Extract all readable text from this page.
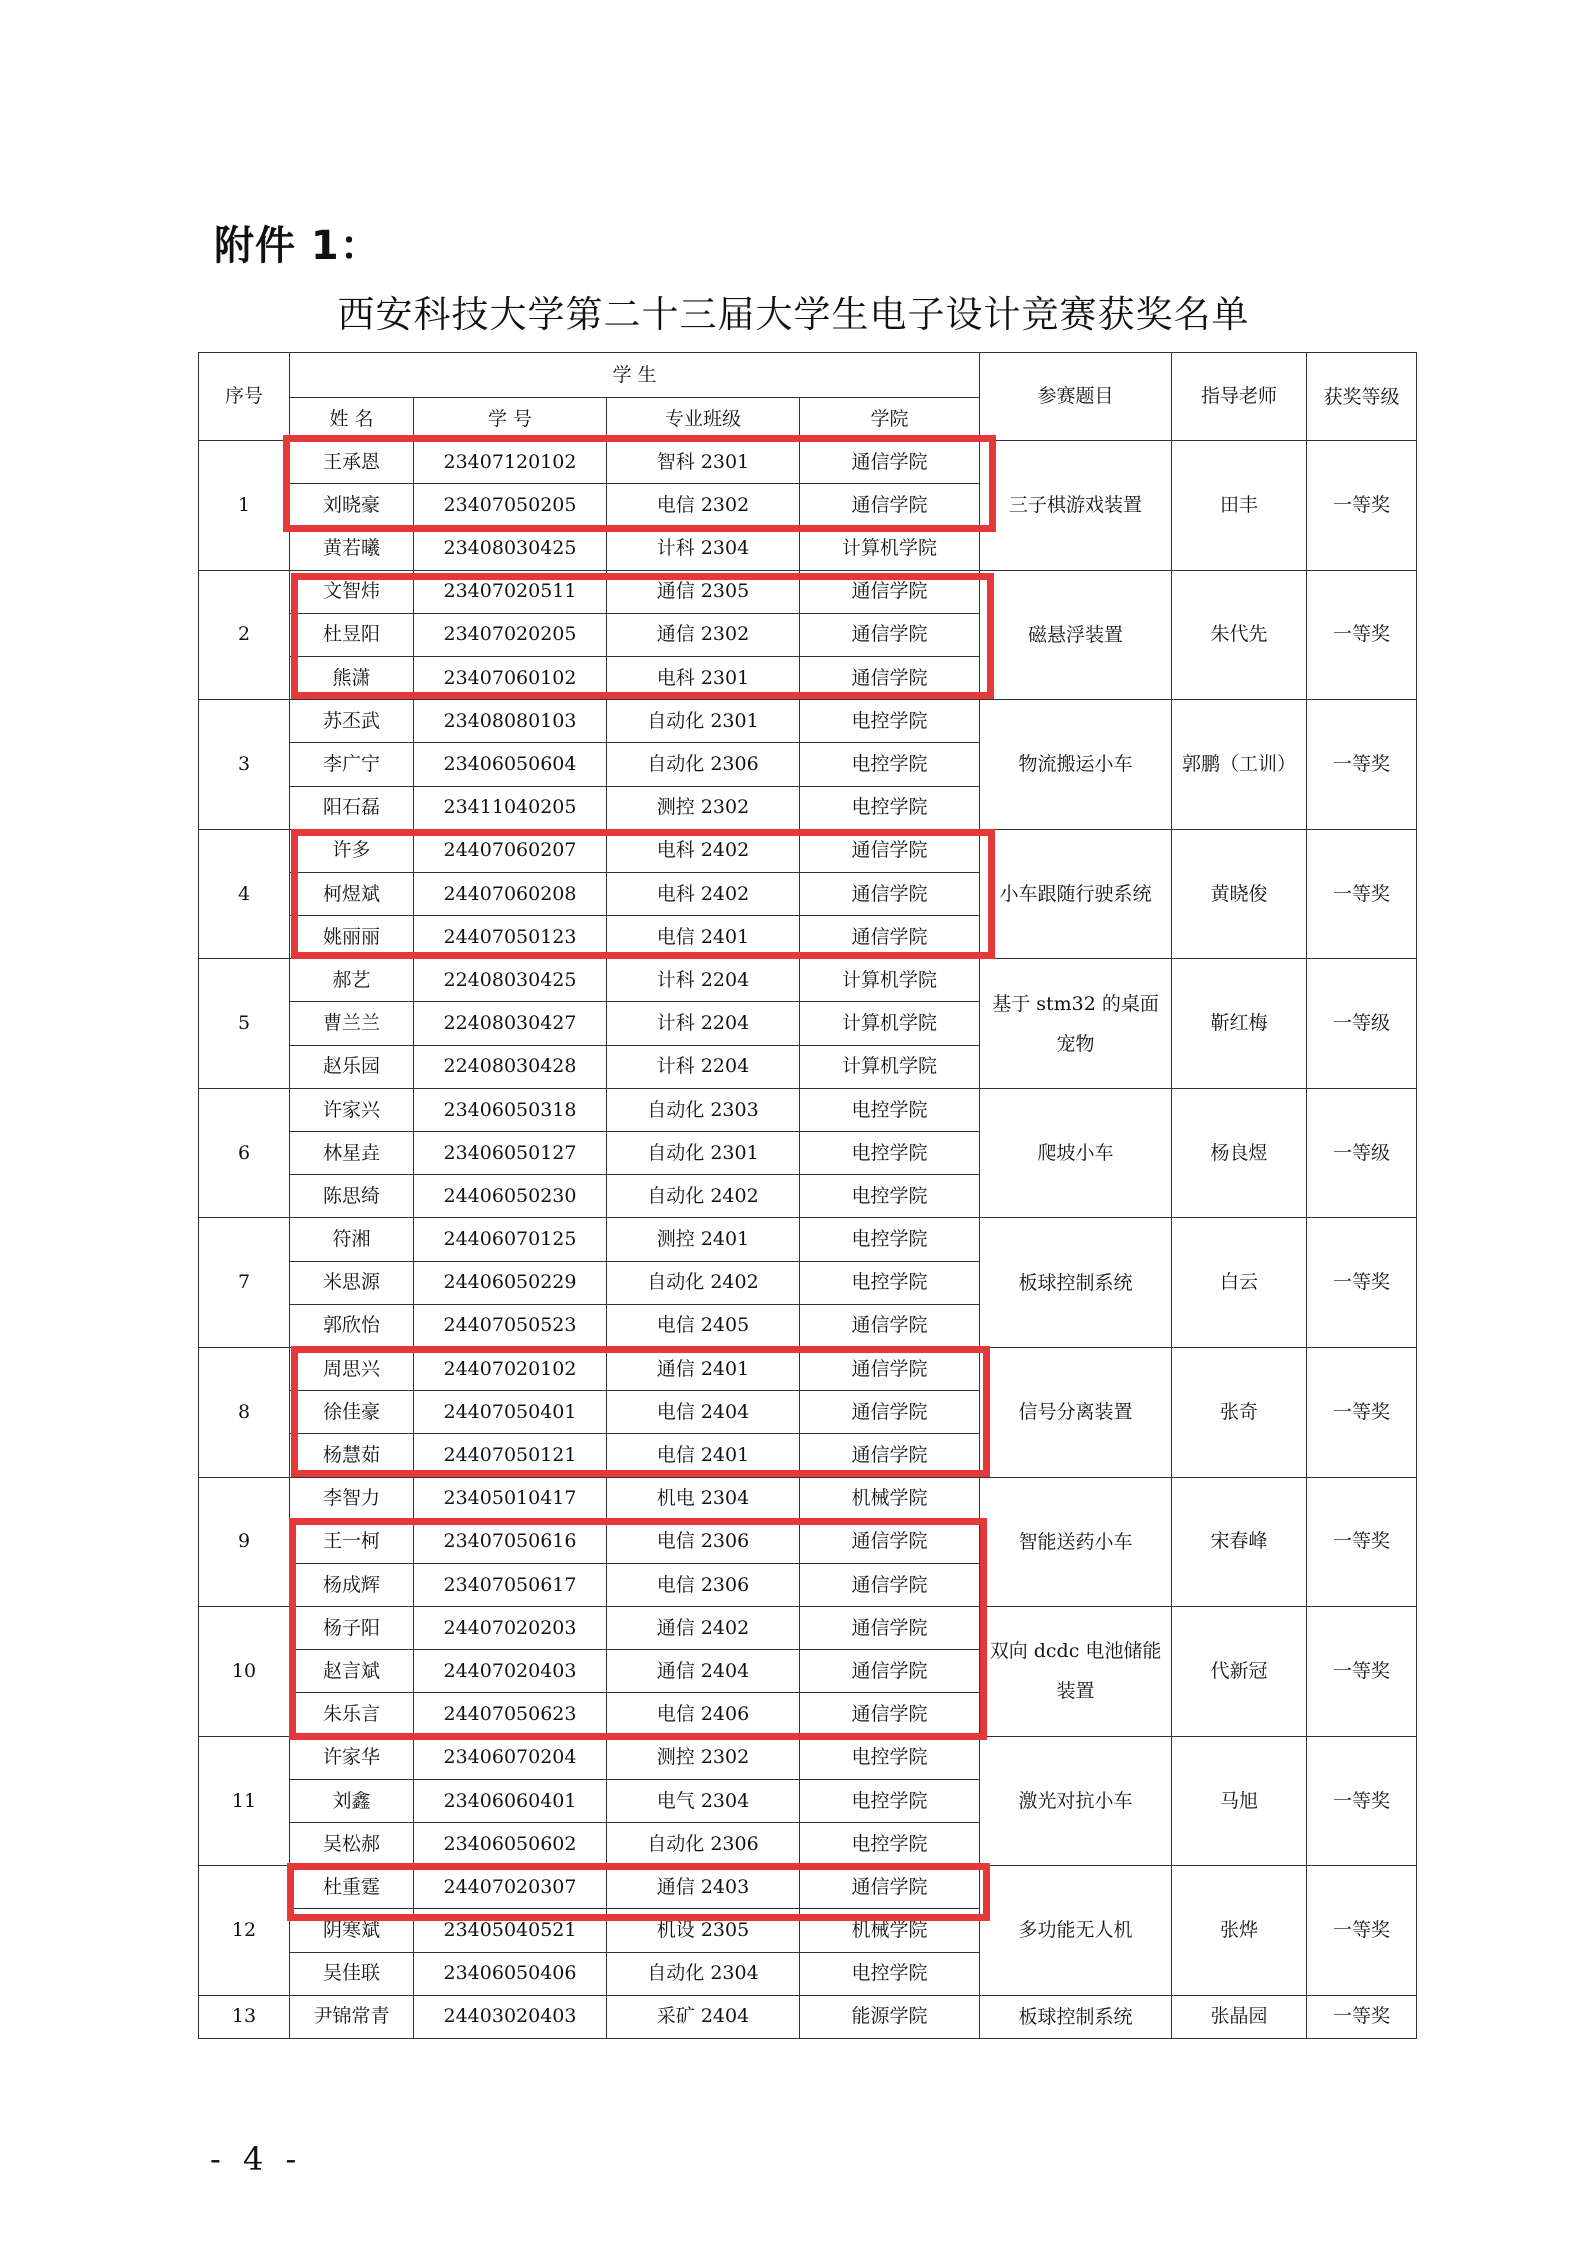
附件 1：
西安科技大学第二十三届大学生电子设计竞赛获奖名单
序号	学 生				参赛题目	指导老师	获奖等级
	姓 名	学 号	专业班级	学院			
1	王承恩	23407120102	智科 2301	通信学院	三子棋游戏装置	田丰	一等奖
	刘晓豪	23407050205	电信 2302	通信学院			
	黄若曦	23408030425	计科 2304	计算机学院			
2	文智炜	23407020511	通信 2305	通信学院	磁悬浮装置	朱代先	一等奖
	杜昱阳	23407020205	通信 2302	通信学院			
	熊潇	23407060102	电科 2301	通信学院			
3	苏丕武	23408080103	自动化 2301	电控学院	物流搬运小车	郭鹏（工训）	一等奖
	李广宁	23406050604	自动化 2306	电控学院			
	阳石磊	23411040205	测控 2302	电控学院			
4	许多	24407060207	电科 2402	通信学院	小车跟随行驶系统	黄晓俊	一等奖
	柯煜斌	24407060208	电科 2402	通信学院			
	姚丽丽	24407050123	电信 2401	通信学院			
5	郝艺	22408030425	计科 2204	计算机学院	基于 stm32 的桌面宠物	靳红梅	一等级
	曹兰兰	22408030427	计科 2204	计算机学院			
	赵乐园	22408030428	计科 2204	计算机学院			
6	许家兴	23406050318	自动化 2303	电控学院	爬坡小车	杨良煜	一等级
	林星垚	23406050127	自动化 2301	电控学院			
	陈思绮	24406050230	自动化 2402	电控学院			
7	符湘	24406070125	测控 2401	电控学院	板球控制系统	白云	一等奖
	米思源	24406050229	自动化 2402	电控学院			
	郭欣怡	24407050523	电信 2405	通信学院			
8	周思兴	24407020102	通信 2401	通信学院	信号分离装置	张奇	一等奖
	徐佳豪	24407050401	电信 2404	通信学院			
	杨慧茹	24407050121	电信 2401	通信学院			
9	李智力	23405010417	机电 2304	机械学院	智能送药小车	宋春峰	一等奖
	王一柯	23407050616	电信 2306	通信学院			
	杨成辉	23407050617	电信 2306	通信学院			
10	杨子阳	24407020203	通信 2402	通信学院	双向 dcdc 电池储能装置	代新冠	一等奖
	赵言斌	24407020403	通信 2404	通信学院			
	朱乐言	24407050623	电信 2406	通信学院			
11	许家华	23406070204	测控 2302	电控学院	激光对抗小车	马旭	一等奖
	刘鑫	23406060401	电气 2304	电控学院			
	吴松郝	23406050602	自动化 2306	电控学院			
12	杜重霆	24407020307	通信 2403	通信学院	多功能无人机	张烨	一等奖
	阴寒斌	23405040521	机设 2305	机械学院			
	吴佳联	23406050406	自动化 2304	电控学院			
13	尹锦常青	24403020403	采矿 2404	能源学院	板球控制系统	张晶园	一等奖
- 4 -
